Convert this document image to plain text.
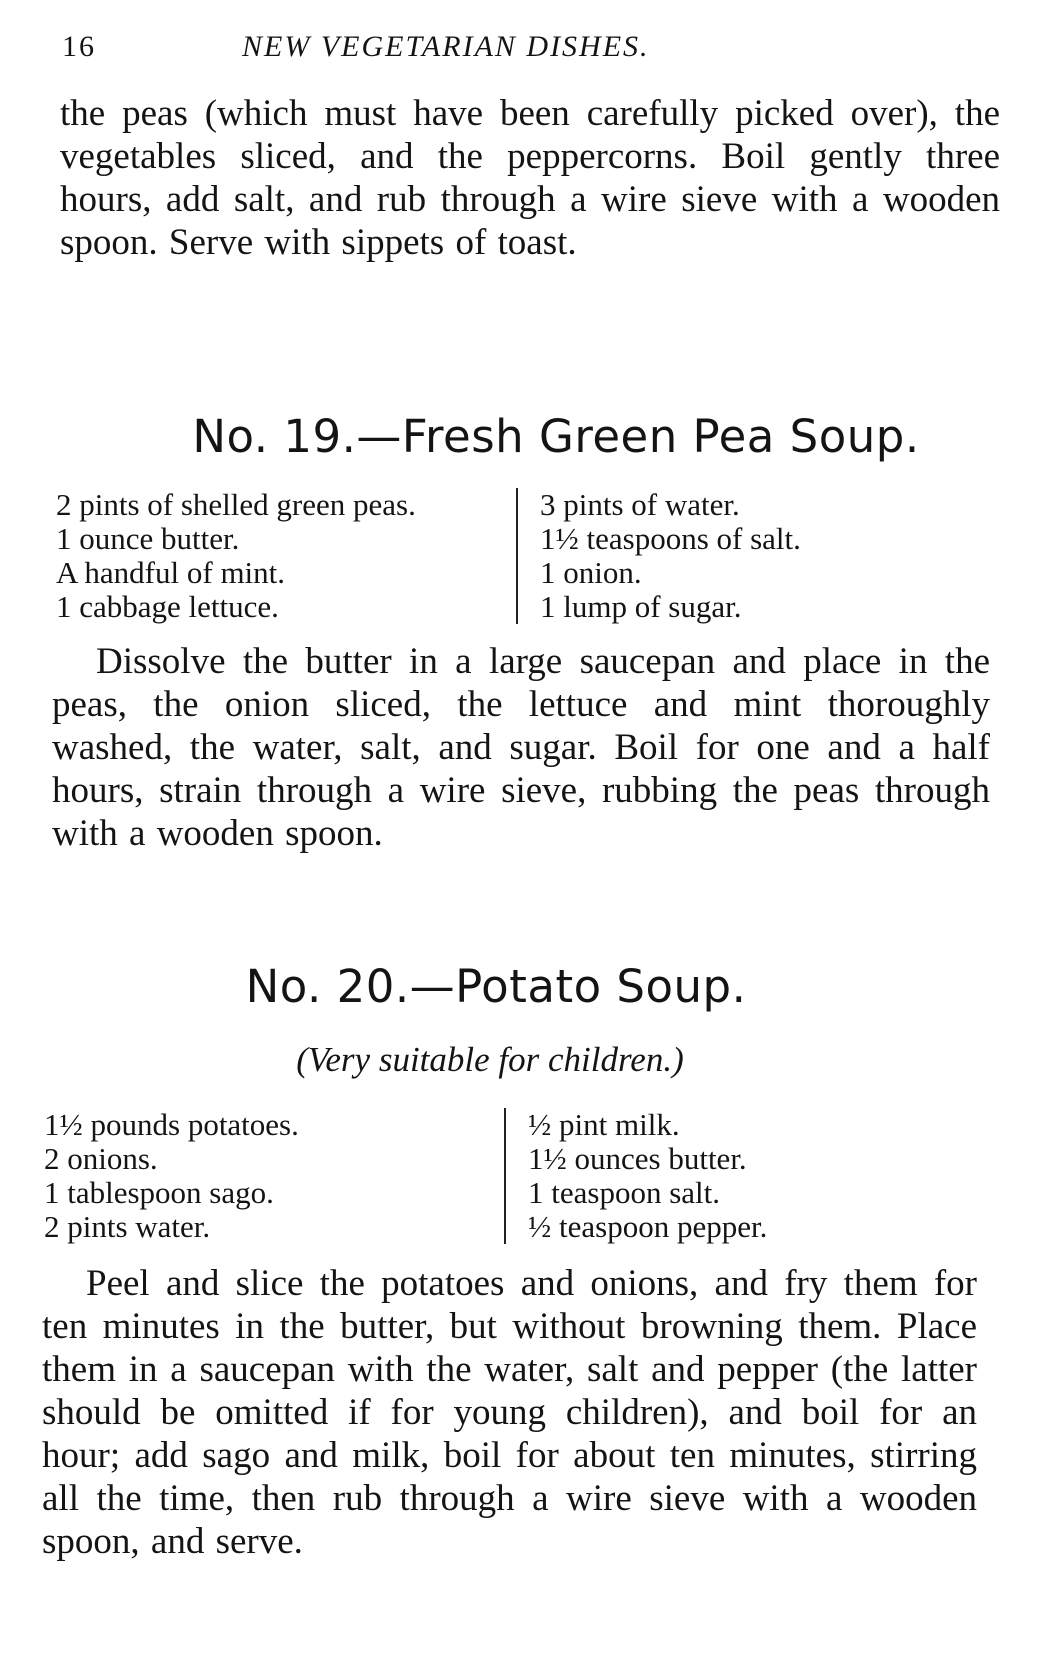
16	NEW VEGETARIAN DISHES.

the peas (which must have been carefully picked over), the vegetables sliced, and the peppercorns. Boil gently three hours, add salt, and rub through a wire sieve with a wooden spoon. Serve with sippets of toast.

No. 19.—Fresh Green Pea Soup.
2 pints of shelled green peas.
1 ounce butter.
A handful of mint.
1 cabbage lettuce.
3 pints of water.
1½ teaspoons of salt.
1 onion.
1 lump of sugar.

Dissolve the butter in a large saucepan and place in the peas, the onion sliced, the lettuce and mint thoroughly washed, the water, salt, and sugar. Boil for one and a half hours, strain through a wire sieve, rubbing the peas through with a wooden spoon.

No. 20.—Potato Soup.

(Very suitable for children.)

1½ pounds potatoes.
2 onions.
1 tablespoon sago.
2 pints water.
½ pint milk.
1½ ounces butter.
1 teaspoon salt.
½ teaspoon pepper.

Peel and slice the potatoes and onions, and fry them for ten minutes in the butter, but without browning them. Place them in a saucepan with the water, salt and pepper (the latter should be omitted if for young children), and boil for an hour; add sago and milk, boil for about ten minutes, stirring all the time, then rub through a wire sieve with a wooden spoon, and serve.
